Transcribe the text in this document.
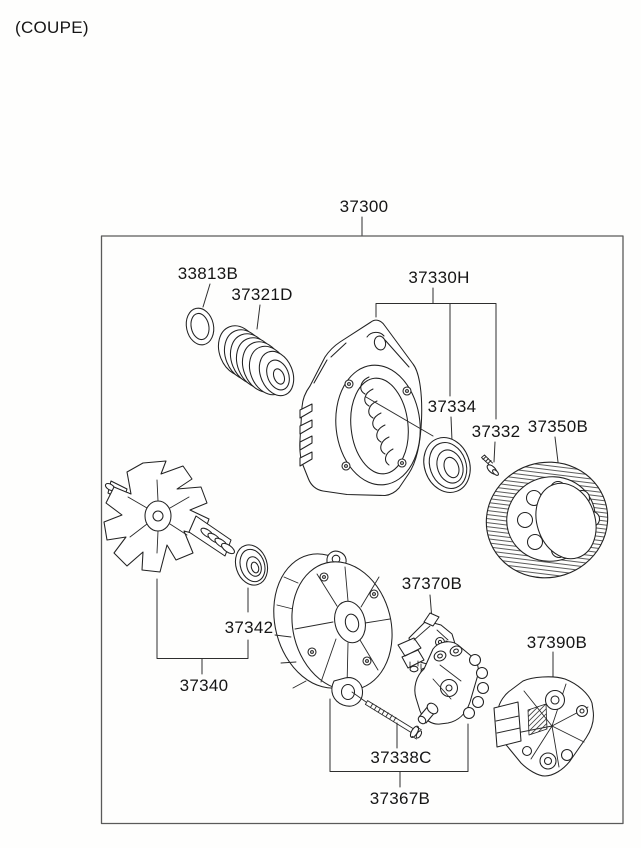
(COUPE)
37300
33813B
37321D
37330H
37334
37332 37350B
37342
37340
37370B
37390B
37338C
37367B
